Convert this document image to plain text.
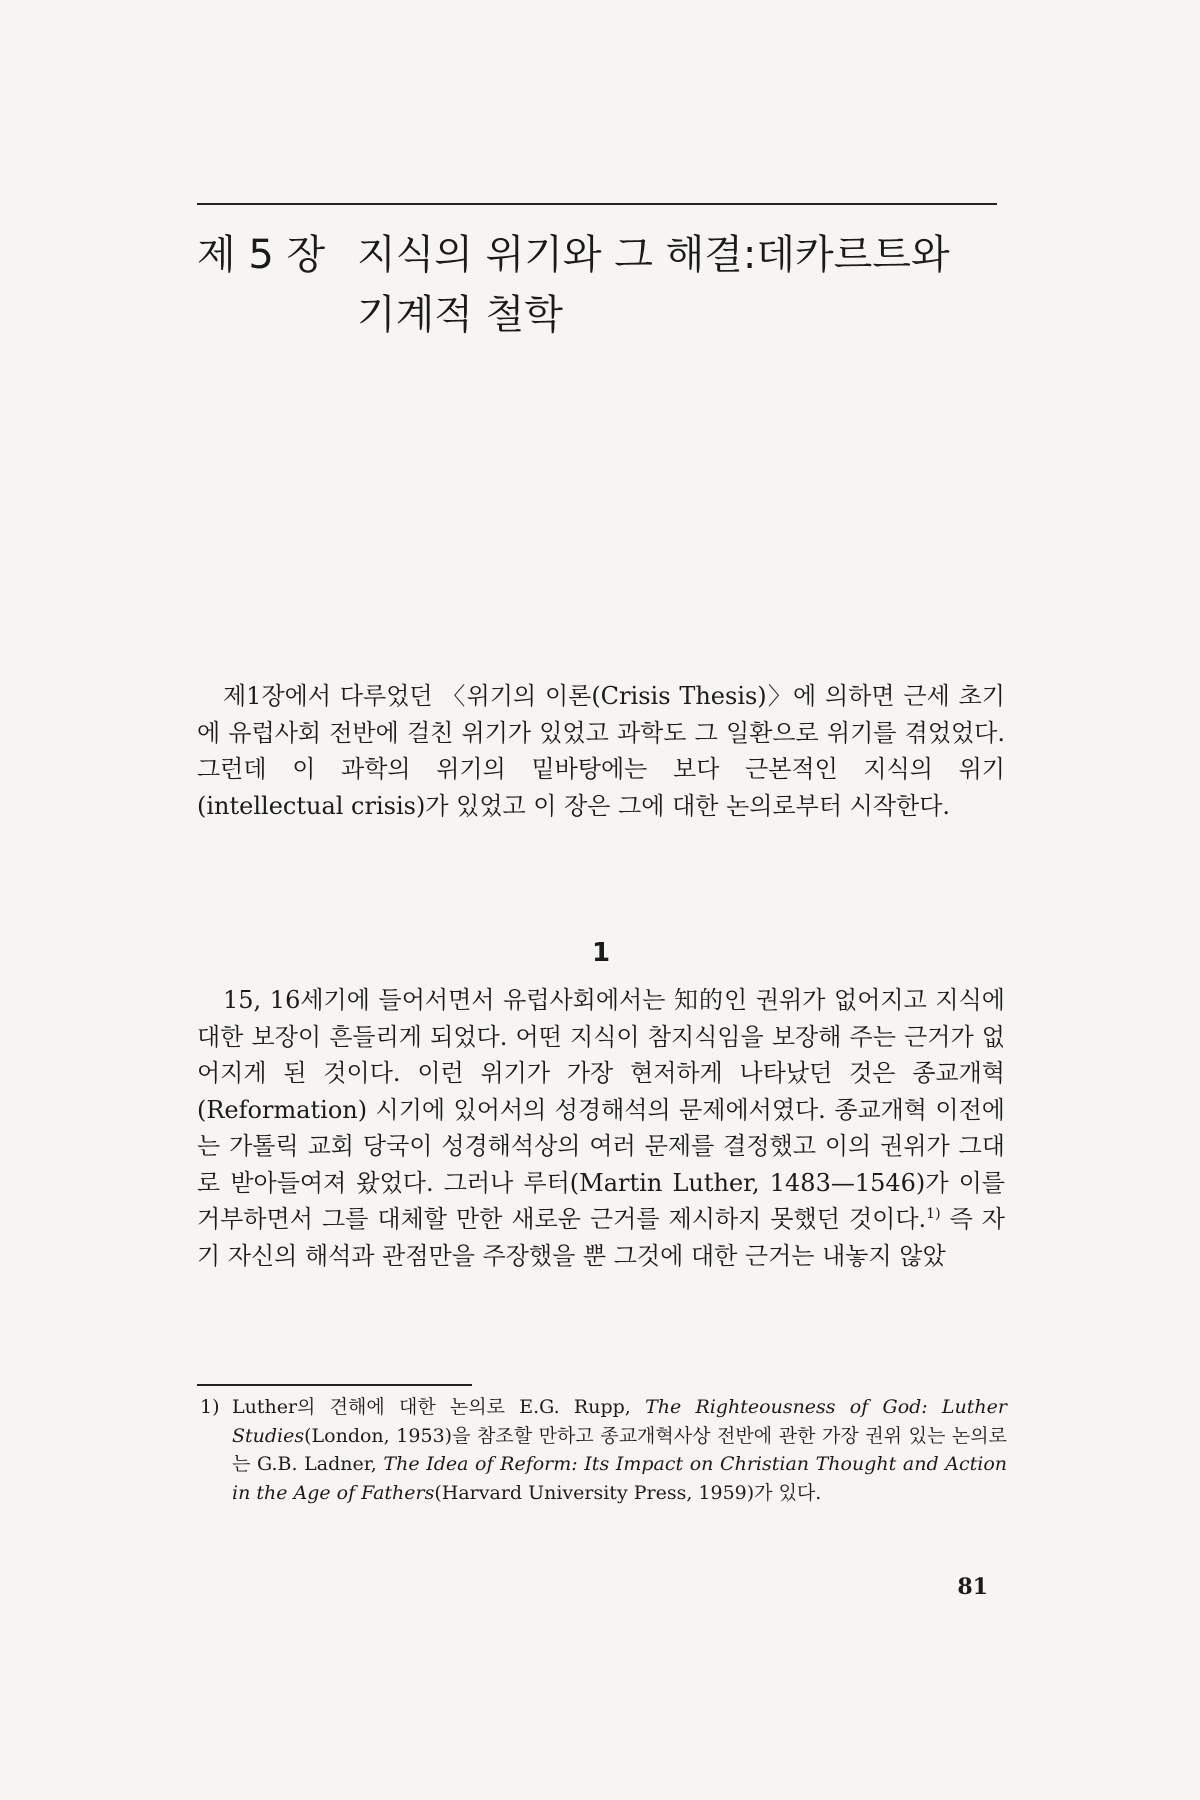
제 5 장 지식의 위기와 그 해결:데카르트와
기계적 철학

제1장에서 다루었던 〈위기의 이론(Crisis Thesis)〉에 의하면 근세 초기에 유럽사회 전반에 걸친 위기가 있었고 과학도 그 일환으로 위기를 겪었었다. 그런데 이 과학의 위기의 밑바탕에는 보다 근본적인 지식의 위기(intellectual crisis)가 있었고 이 장은 그에 대한 논의로부터 시작한다.

1

15, 16세기에 들어서면서 유럽사회에서는 知的인 권위가 없어지고 지식에 대한 보장이 흔들리게 되었다. 어떤 지식이 참지식임을 보장해 주는 근거가 없어지게 된 것이다. 이런 위기가 가장 현저하게 나타났던 것은 종교개혁(Reformation) 시기에 있어서의 성경해석의 문제에서였다. 종교개혁 이전에는 가톨릭 교회 당국이 성경해석상의 여러 문제를 결정했고 이의 권위가 그대로 받아들여져 왔었다. 그러나 루터(Martin Luther, 1483—1546)가 이를 거부하면서 그를 대체할 만한 새로운 근거를 제시하지 못했던 것이다.$^{1)}$ 즉 자기 자신의 해석과 관점만을 주장했을 뿐 그것에 대한 근거는 내놓지 않았

1) Luther의 견해에 대한 논의로 E.G. Rupp, The Righteousness of God: Luther Studies(London, 1953)을 참조할 만하고 종교개혁사상 전반에 관한 가장 권위 있는 논의로는 G.B. Ladner, The Idea of Reform: Its Impact on Christian Thought and Action in the Age of Fathers(Harvard University Press, 1959)가 있다.

81
